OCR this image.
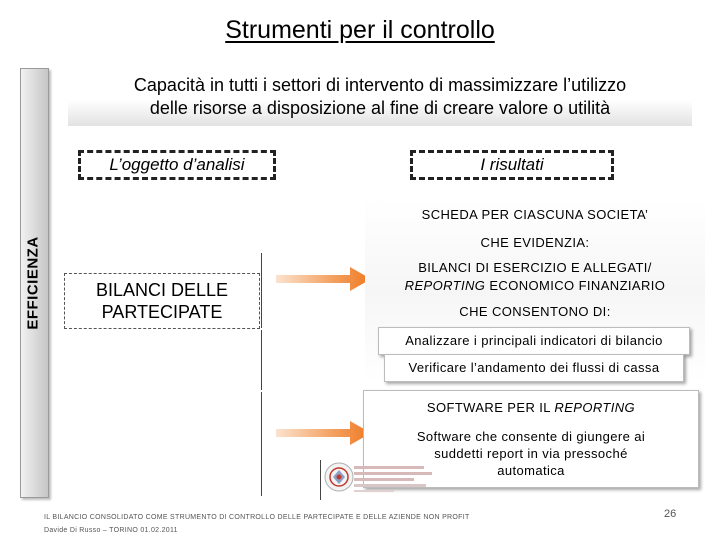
Strumenti per il controllo
EFFICIENZA
Capacità in tutti i settori di intervento di massimizzare l’utilizzo
delle risorse a disposizione al fine di creare valore o utilità
L’oggetto d’analisi	I risultati
BILANCI DELLE
PARTECIPATE
SCHEDA PER CIASCUNA SOCIETA’
CHE EVIDENZIA:
BILANCI DI ESERCIZIO E ALLEGATI/
REPORTING ECONOMICO FINANZIARIO
CHE CONSENTONO DI:
Analizzare i principali indicatori di bilancio
Verificare l’andamento dei flussi di cassa
SOFTWARE PER IL REPORTING
Software che consente di giungere ai
suddetti report in via pressoché
automatica
IL BILANCIO CONSOLIDATO COME STRUMENTO DI CONTROLLO DELLE PARTECIPATE E DELLE AZIENDE NON PROFIT
Davide Di Russo – TORINO 01.02.2011
26
